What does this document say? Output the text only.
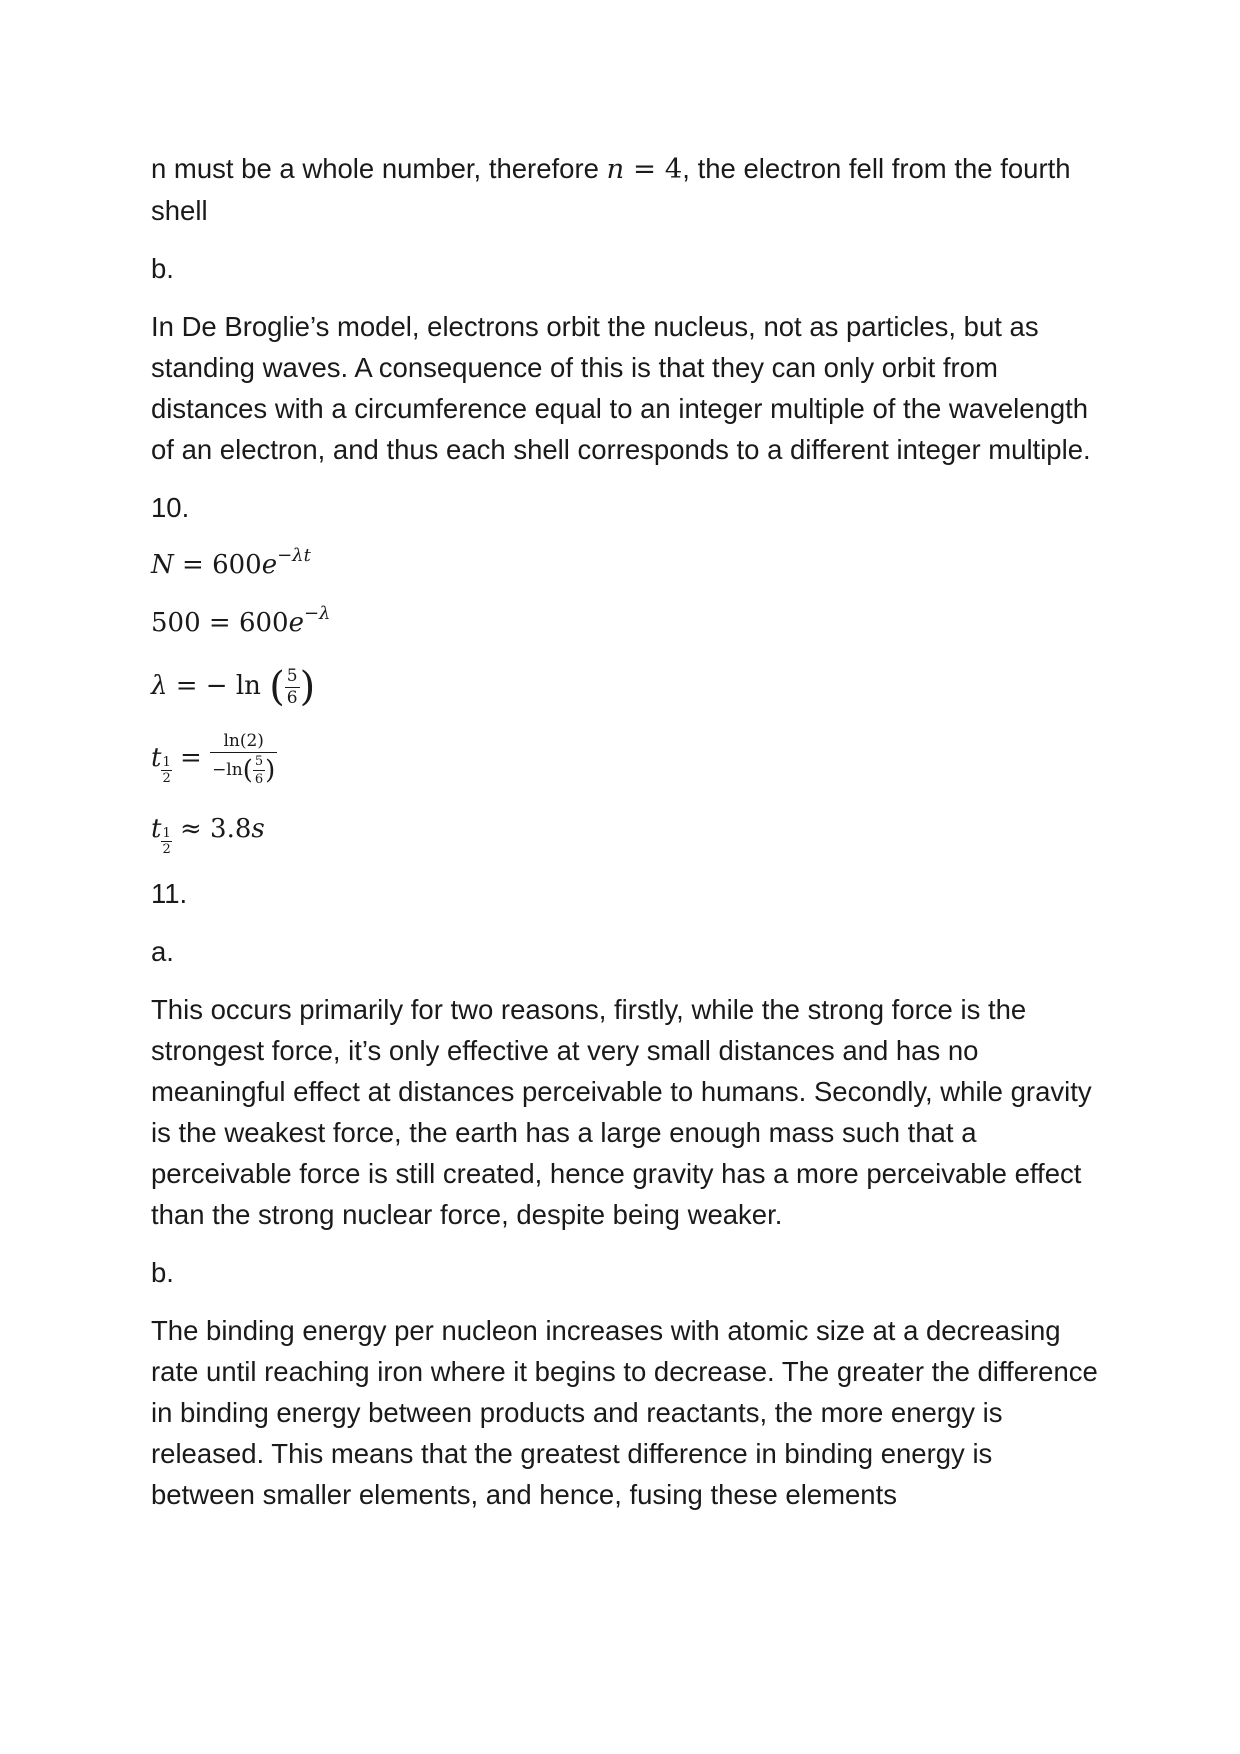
n must be a whole number, therefore n = 4, the electron fell from the fourth shell

b.

In De Broglie’s model, electrons orbit the nucleus, not as particles, but as standing waves. A consequence of this is that they can only orbit from distances with a circumference equal to an integer multiple of the wavelength of an electron, and thus each shell corresponds to a different integer multiple.

10.

$N = 600e^{-\lambda t}$

$500 = 600e^{-\lambda}$

λ = − ln ( $\frac{5}{6}$ )

t $\frac{1}{2} = \frac{\ln(2)}{-\ln( \frac{5}{6} )}$

t $\frac{1}{2} \approx 3.8s$

11.

a.

This occurs primarily for two reasons, firstly, while the strong force is the strongest force, it’s only effective at very small distances and has no meaningful effect at distances perceivable to humans. Secondly, while gravity is the weakest force, the earth has a large enough mass such that a perceivable force is still created, hence gravity has a more perceivable effect than the strong nuclear force, despite being weaker.

b.

The binding energy per nucleon increases with atomic size at a decreasing rate until reaching iron where it begins to decrease. The greater the difference in binding energy between products and reactants, the more energy is released. This means that the greatest difference in binding energy is between smaller elements, and hence, fusing these elements
